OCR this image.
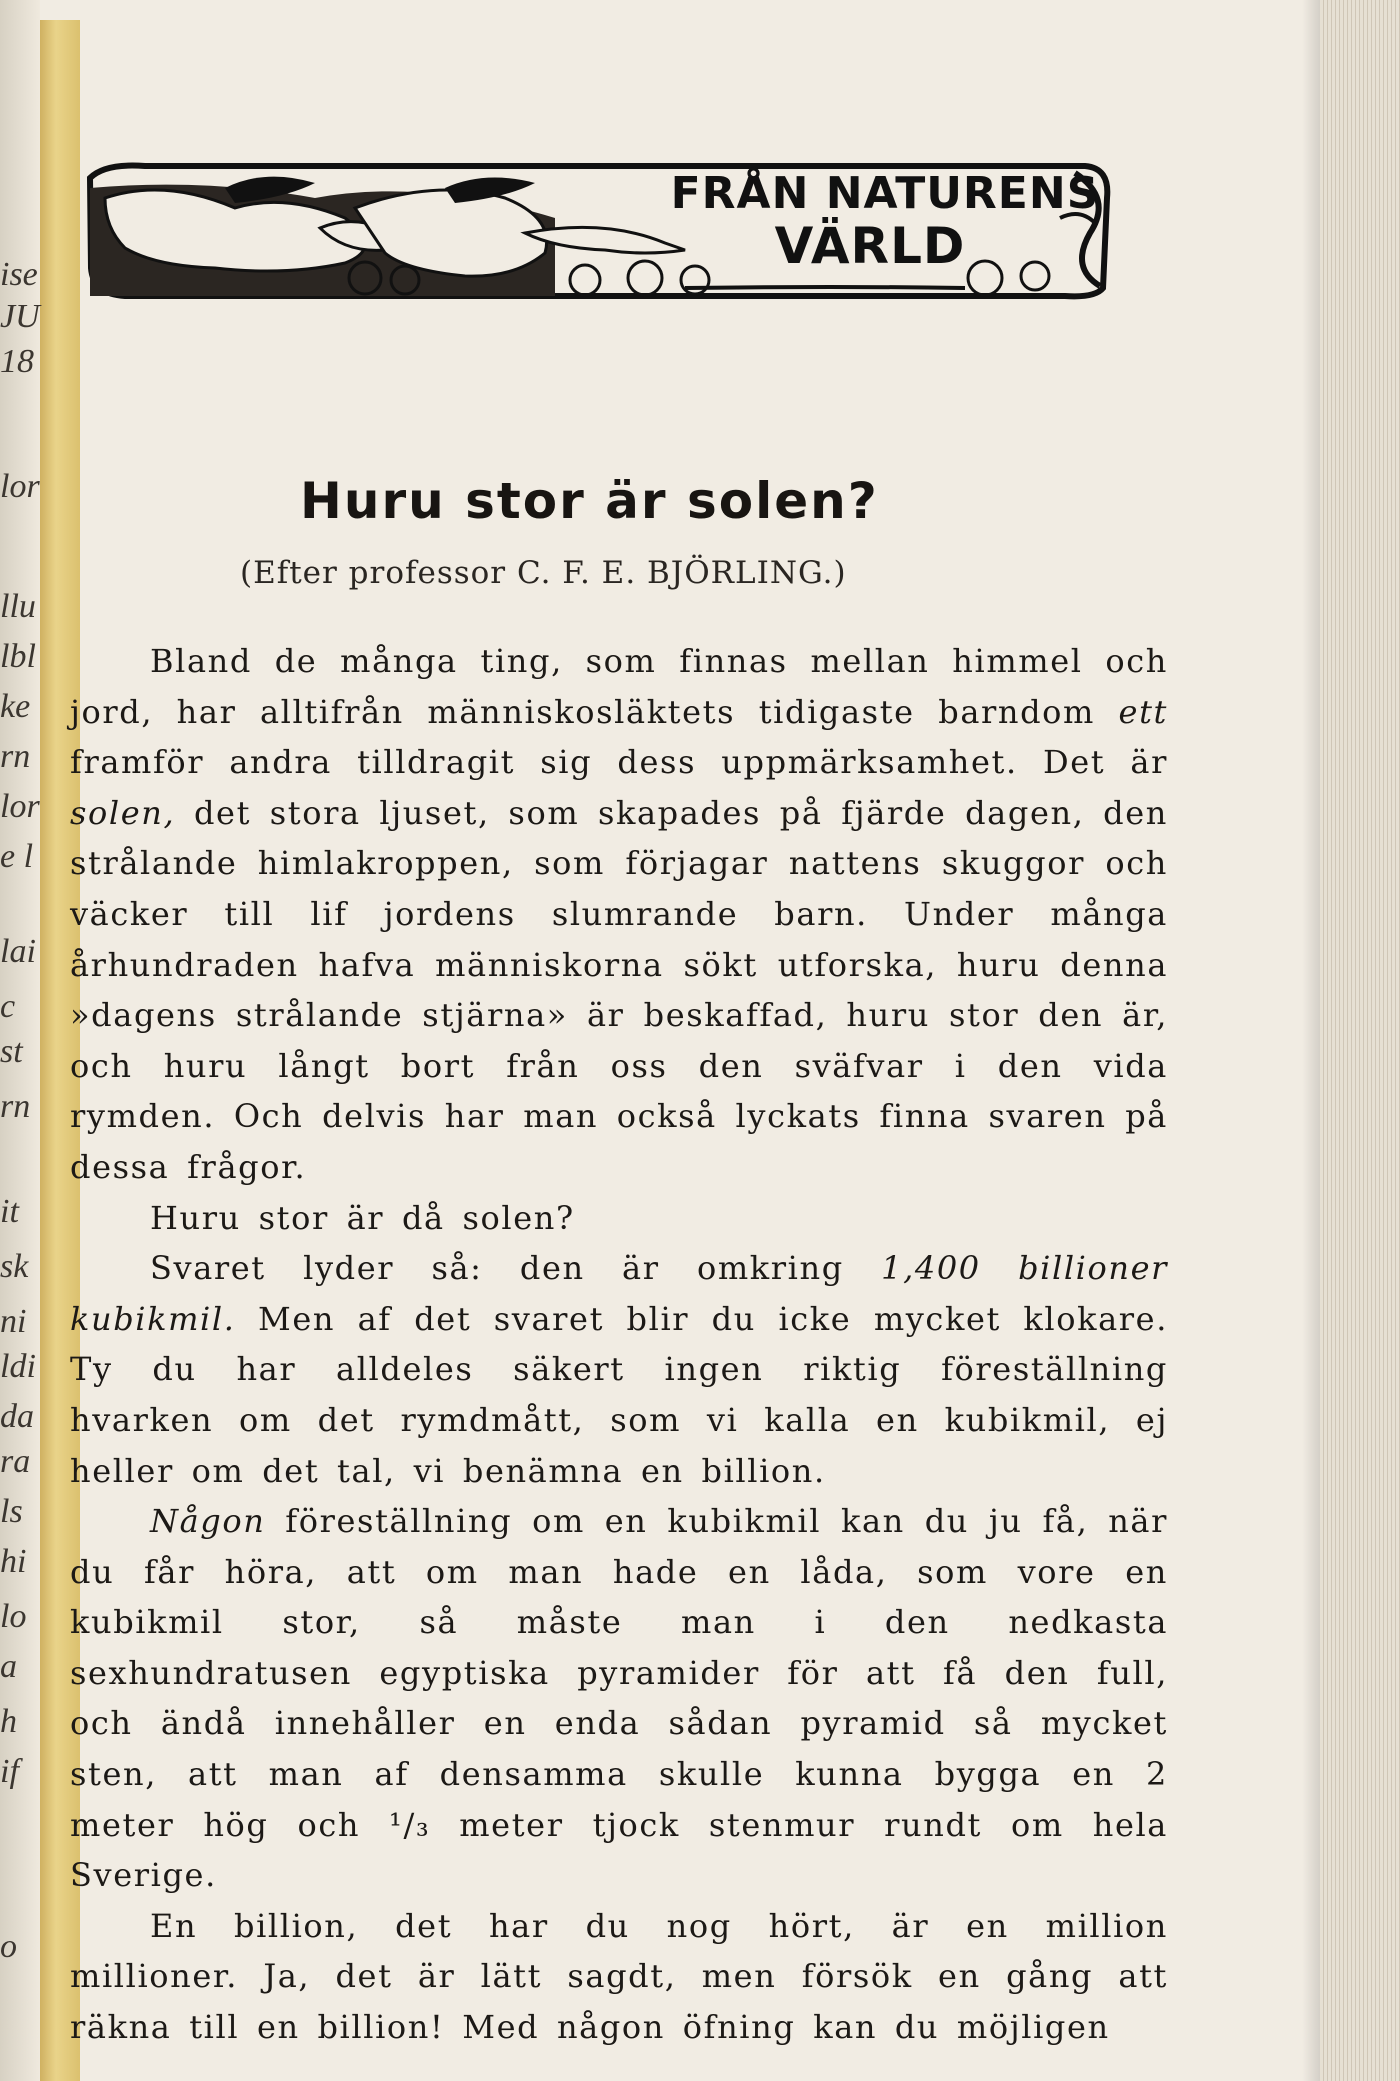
ise
JU
18
lor
llu
lbl
ke
rn
lor
e l
lai
c
st
rn
it
sk
ni
ldi
da
ra
ls
hi
lo
a
h
if
o
FRÅN NATURENS
VÄRLD
Huru stor är solen?
(Efter professor C. F. E. BJÖRLING.)

Bland de många ting, som finnas mellan himmel och jord, har alltifrån människosläktets tidigaste barndom ett framför andra tilldragit sig dess uppmärksamhet. Det är solen, det stora ljuset, som skapades på fjärde dagen, den strålande himlakroppen, som förjagar nattens skuggor och väcker till lif jordens slumrande barn. Under många århundraden hafva människorna sökt utforska, huru denna »dagens strålande stjärna» är beskaffad, huru stor den är, och huru långt bort från oss den sväfvar i den vida rymden. Och delvis har man också lyckats finna svaren på dessa frågor.

Huru stor är då solen?

Svaret lyder så: den är omkring 1,400 billioner kubikmil. Men af det svaret blir du icke mycket klokare. Ty du har alldeles säkert ingen riktig föreställning hvarken om det rymdmått, som vi kalla en kubikmil, ej heller om det tal, vi benämna en billion.

Någon föreställning om en kubikmil kan du ju få, när du får höra, att om man hade en låda, som vore en kubikmil stor, så måste man i den nedkasta sexhundratusen egyptiska pyramider för att få den full, och ändå innehåller en enda sådan pyramid så mycket sten, att man af densamma skulle kunna bygga en 2 meter hög och ¹/₃ meter tjock stenmur rundt om hela Sverige.

En billion, det har du nog hört, är en million millioner. Ja, det är lätt sagdt, men försök en gång att räkna till en billion! Med någon öfning kan du möjligen
